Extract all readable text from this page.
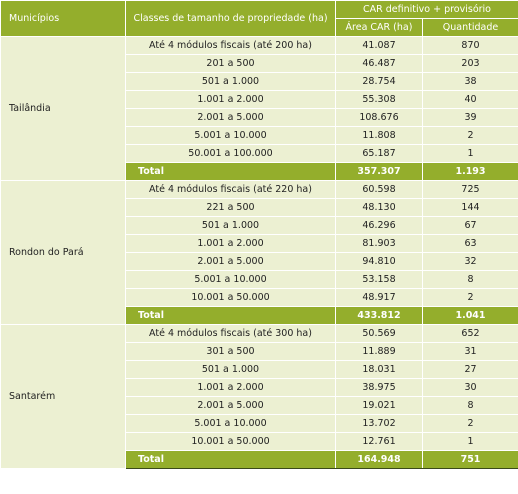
Municípios	Classes de tamanho de propriedade (ha)	CAR definitivo + provisório	
		Área CAR (ha)	Quantidade
Tailândia	Até 4 módulos fiscais (até 200 ha)	41.087	870
	201 a 500	46.487	203
	501 a 1.000	28.754	38
	1.001 a 2.000	55.308	40
	2.001 a 5.000	108.676	39
	5.001 a 10.000	11.808	2
	50.001 a 100.000	65.187	1
	Total	357.307	1.193
Rondon do Pará	Até 4 módulos fiscais (até 220 ha)	60.598	725
	221 a 500	48.130	144
	501 a 1.000	46.296	67
	1.001 a 2.000	81.903	63
	2.001 a 5.000	94.810	32
	5.001 a 10.000	53.158	8
	10.001 a 50.000	48.917	2
	Total	433.812	1.041
Santarém	Até 4 módulos fiscais (até 300 ha)	50.569	652
	301 a 500	11.889	31
	501 a 1.000	18.031	27
	1.001 a 2.000	38.975	30
	2.001 a 5.000	19.021	8
	5.001 a 10.000	13.702	2
	10.001 a 50.000	12.761	1
	Total	164.948	751
